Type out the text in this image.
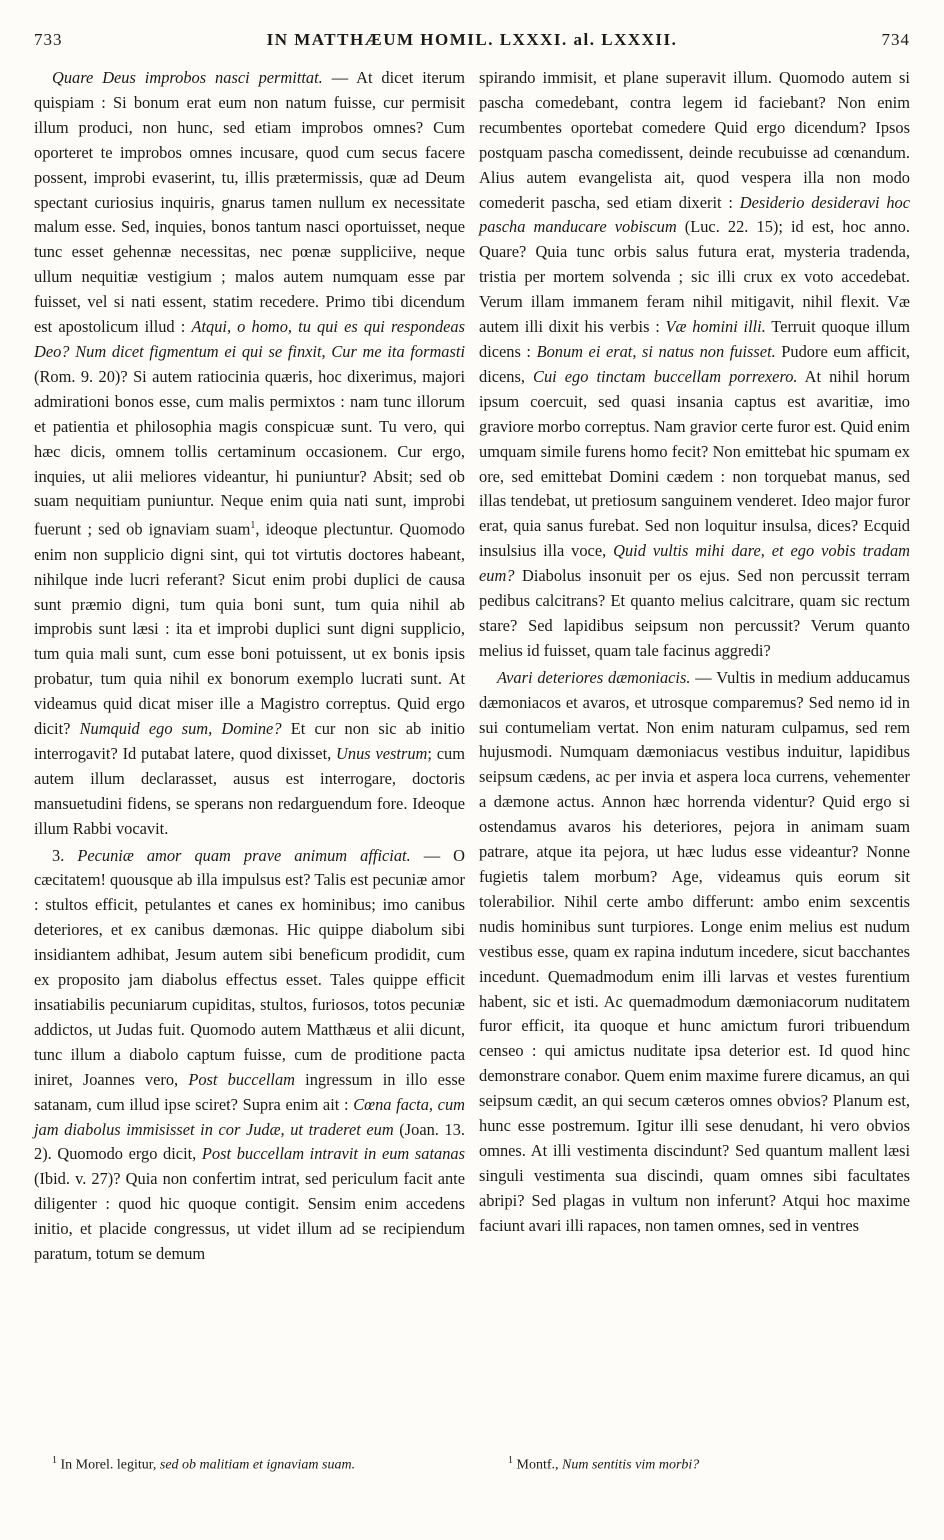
733	IN MATTHÆUM HOMIL. LXXXI. al. LXXXII.	734

Quare Deus improbos nasci permittat. — At dicet iterum quispiam : Si bonum erat eum non natum fuisse, cur permisit illum produci, non hunc, sed etiam improbos omnes? Cum oporteret te improbos omnes incusare, quod cum secus facere possent, improbi evaserint, tu, illis prætermissis, quæ ad Deum spectant curiosius inquiris, gnarus tamen nullum ex necessitate malum esse. Sed, inquies, bonos tantum nasci oportuisset, neque tunc esset gehennæ necessitas, nec pœnæ suppliciive, neque ullum nequitiæ vestigium ; malos autem numquam esse par fuisset, vel si nati essent, statim recedere. Primo tibi dicendum est apostolicum illud : Atqui, o homo, tu qui es qui respondeas Deo? Num dicet figmentum ei qui se finxit, Cur me ita formasti (Rom. 9. 20)? Si autem ratiocinia quæris, hoc dixerimus, majori admirationi bonos esse, cum malis permixtos : nam tunc illorum et patientia et philosophia magis conspicuæ sunt. Tu vero, qui hæc dicis, omnem tollis certaminum occasionem. Cur ergo, inquies, ut alii meliores videantur, hi puniuntur? Absit; sed ob suam nequitiam puniuntur. Neque enim quia nati sunt, improbi fuerunt ; sed ob ignaviam suam$^1$, ideoque plectuntur. Quomodo enim non supplicio digni sint, qui tot virtutis doctores habeant, nihilque inde lucri referant? Sicut enim probi duplici de causa sunt præmio digni, tum quia boni sunt, tum quia nihil ab improbis sunt læsi : ita et improbi duplici sunt digni supplicio, tum quia mali sunt, cum esse boni potuissent, ut ex bonis ipsis probatur, tum quia nihil ex bonorum exemplo lucrati sunt. At videamus quid dicat miser ille a Magistro correptus. Quid ergo dicit? Numquid ego sum, Domine? Et cur non sic ab initio interrogavit? Id putabat latere, quod dixisset, Unus vestrum; cum autem illum declarasset, ausus est interrogare, doctoris mansuetudini fidens, se sperans non redarguendum fore. Ideoque illum Rabbi vocavit.

3. Pecuniæ amor quam prave animum afficiat. — O cæcitatem! quousque ab illa impulsus est? Talis est pecuniæ amor : stultos efficit, petulantes et canes ex hominibus; imo canibus deteriores, et ex canibus dæmonas. Hic quippe diabolum sibi insidiantem adhibat, Jesum autem sibi beneficum prodidit, cum ex proposito jam diabolus effectus esset. Tales quippe efficit insatiabilis pecuniarum cupiditas, stultos, furiosos, totos pecuniæ addictos, ut Judas fuit. Quomodo autem Matthæus et alii dicunt, tunc illum a diabolo captum fuisse, cum de proditione pacta iniret, Joannes vero, Post buccellam ingressum in illo esse satanam, cum illud ipse sciret? Supra enim ait : Cœna facta, cum jam diabolus immisisset in cor Judæ, ut traderet eum (Joan. 13. 2). Quomodo ergo dicit, Post buccellam intravit in eum satanas (Ibid. v. 27)? Quia non confertim intrat, sed periculum facit ante diligenter : quod hic quoque contigit. Sensim enim accedens initio, et placide congressus, ut videt illum ad se recipiendum paratum, totum se demum

spirando immisit, et plane superavit illum. Quomodo autem si pascha comedebant, contra legem id faciebant? Non enim recumbentes oportebat comedere Quid ergo dicendum? Ipsos postquam pascha comedissent, deinde recubuisse ad cœnandum. Alius autem evangelista ait, quod vespera illa non modo comederit pascha, sed etiam dixerit : Desiderio desideravi hoc pascha manducare vobiscum (Luc. 22. 15); id est, hoc anno. Quare? Quia tunc orbis salus futura erat, mysteria tradenda, tristia per mortem solvenda ; sic illi crux ex voto accedebat. Verum illam immanem feram nihil mitigavit, nihil flexit. Væ autem illi dixit his verbis : Væ homini illi. Terruit quoque illum dicens : Bonum ei erat, si natus non fuisset. Pudore eum afficit, dicens, Cui ego tinctam buccellam porrexero. At nihil horum ipsum coercuit, sed quasi insania captus est avaritiæ, imo graviore morbo correptus. Nam gravior certe furor est. Quid enim umquam simile furens homo fecit? Non emittebat hic spumam ex ore, sed emittebat Domini cædem : non torquebat manus, sed illas tendebat, ut pretiosum sanguinem venderet. Ideo major furor erat, quia sanus furebat. Sed non loquitur insulsa, dices? Ecquid insulsius illa voce, Quid vultis mihi dare, et ego vobis tradam eum? Diabolus insonuit per os ejus. Sed non percussit terram pedibus calcitrans? Et quanto melius calcitrare, quam sic rectum stare? Sed lapidibus seipsum non percussit? Verum quanto melius id fuisset, quam tale facinus aggredi?

Avari deteriores dæmoniacis. — Vultis in medium adducamus dæmoniacos et avaros, et utrosque comparemus? Sed nemo id in sui contumeliam vertat. Non enim naturam culpamus, sed rem hujusmodi. Numquam dæmoniacus vestibus induitur, lapidibus seipsum cædens, ac per invia et aspera loca currens, vehementer a dæmone actus. Annon hæc horrenda videntur? Quid ergo si ostendamus avaros his deteriores, pejora in animam suam patrare, atque ita pejora, ut hæc ludus esse videantur? Nonne fugietis talem morbum? Age, videamus quis eorum sit tolerabilior. Nihil certe ambo differunt: ambo enim sexcentis nudis hominibus sunt turpiores. Longe enim melius est nudum vestibus esse, quam ex rapina indutum incedere, sicut bacchantes incedunt. Quemadmodum enim illi larvas et vestes furentium habent, sic et isti. Ac quemadmodum dæmoniacorum nuditatem furor efficit, ita quoque et hunc amictum furori tribuendum censeo : qui amictus nuditate ipsa deterior est. Id quod hinc demonstrare conabor. Quem enim maxime furere dicamus, an qui seipsum cædit, an qui secum cæteros omnes obvios? Planum est, hunc esse postremum. Igitur illi sese denudant, hi vero obvios omnes. At illi vestimenta discindunt? Sed quantum mallent læsi singuli vestimenta sua discindi, quam omnes sibi facultates abripi? Sed plagas in vultum non inferunt? Atqui hoc maxime faciunt avari illi rapaces, non tamen omnes, sed in ventres

$^1$ In Morel. legitur, sed ob malitiam et ignaviam suam.	$^1$ Montf., Num sentitis vim morbi?
